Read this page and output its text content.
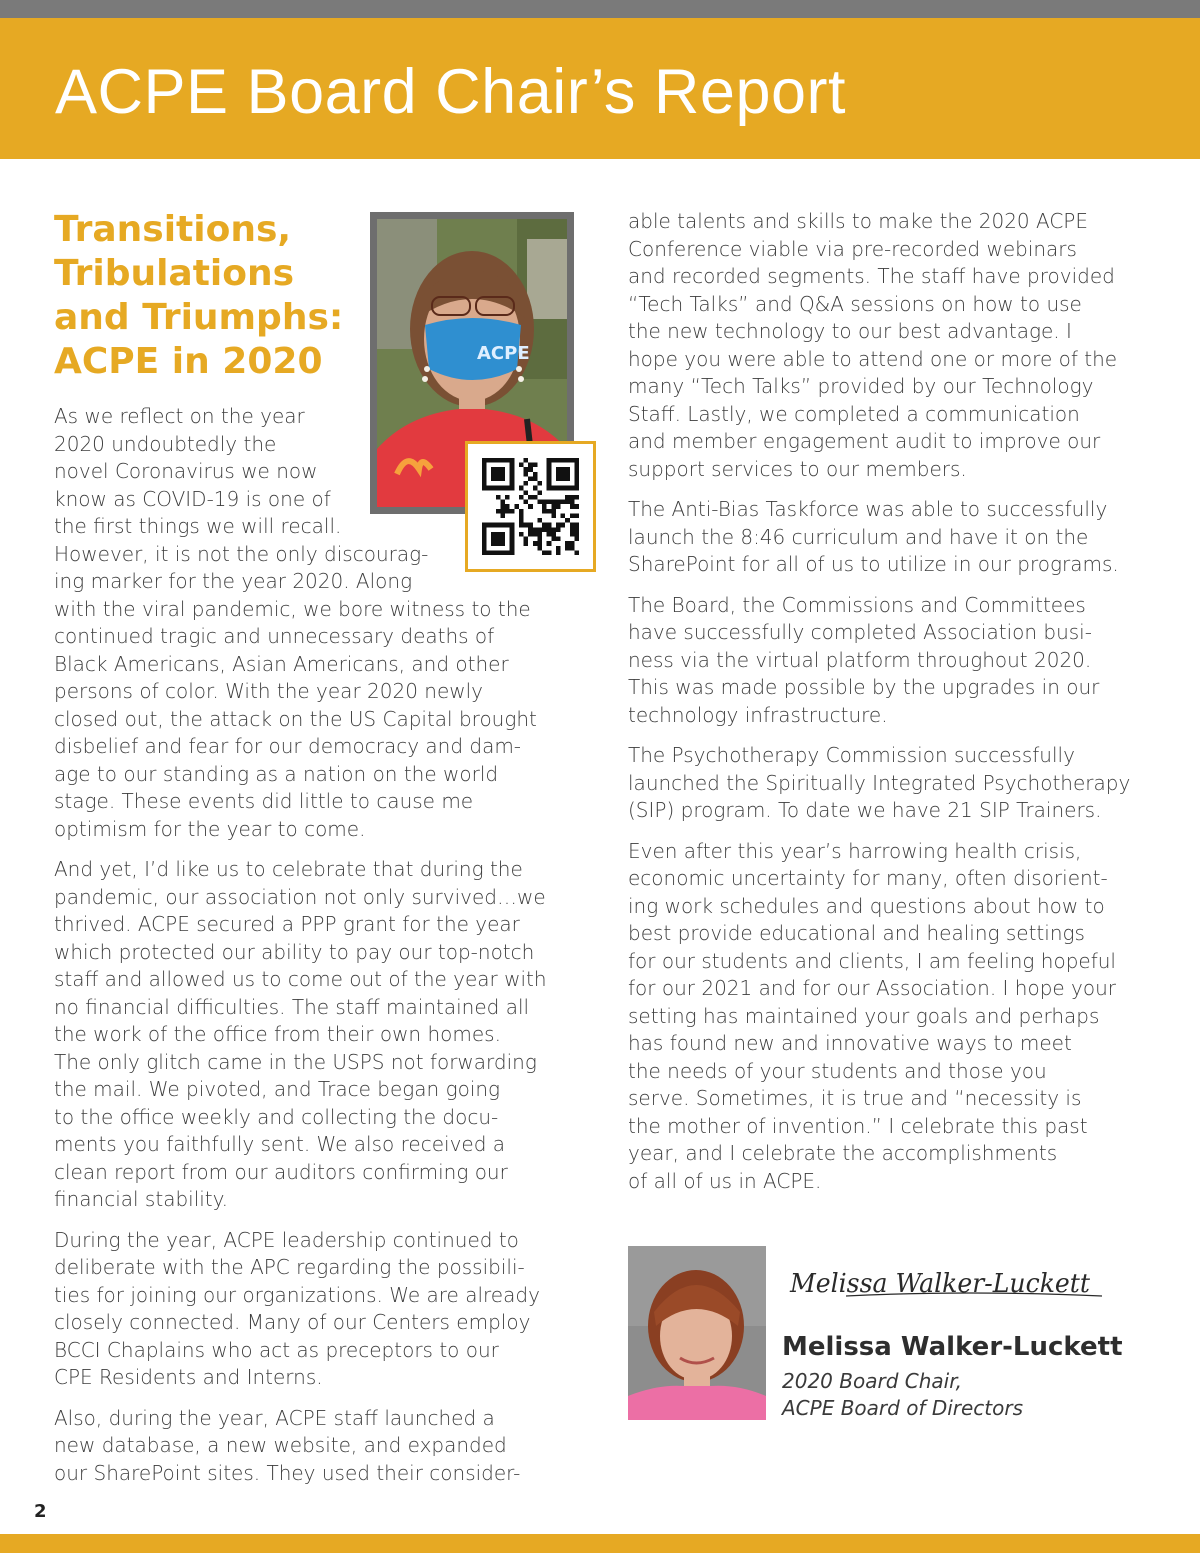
ACPE Board Chair’s Report
Transitions,
Tribulations
and Triumphs:
ACPE in 2020	ACPE

As we reflect on the year
2020 undoubtedly the
novel Coronavirus we now
know as COVID-19 is one of
the first things we will recall.
However, it is not the only discourag-
ing marker for the year 2020. Along
with the viral pandemic, we bore witness to the
continued tragic and unnecessary deaths of
Black Americans, Asian Americans, and other
persons of color. With the year 2020 newly
closed out, the attack on the US Capital brought
disbelief and fear for our democracy and dam-
age to our standing as a nation on the world
stage. These events did little to cause me
optimism for the year to come.

And yet, I’d like us to celebrate that during the
pandemic, our association not only survived…we
thrived. ACPE secured a PPP grant for the year
which protected our ability to pay our top-notch
staff and allowed us to come out of the year with
no financial difficulties. The staff maintained all
the work of the office from their own homes.
The only glitch came in the USPS not forwarding
the mail. We pivoted, and Trace began going
to the office weekly and collecting the docu-
ments you faithfully sent. We also received a
clean report from our auditors confirming our
financial stability.

During the year, ACPE leadership continued to
deliberate with the APC regarding the possibili-
ties for joining our organizations. We are already
closely connected. Many of our Centers employ
BCCI Chaplains who act as preceptors to our
CPE Residents and Interns.

Also, during the year, ACPE staff launched a
new database, a new website, and expanded
our SharePoint sites. They used their consider-

able talents and skills to make the 2020 ACPE
Conference viable via pre-recorded webinars
and recorded segments. The staff have provided
“Tech Talks” and Q&A sessions on how to use
the new technology to our best advantage. I
hope you were able to attend one or more of the
many “Tech Talks” provided by our Technology
Staff. Lastly, we completed a communication
and member engagement audit to improve our
support services to our members.

The Anti-Bias Taskforce was able to successfully
launch the 8:46 curriculum and have it on the
SharePoint for all of us to utilize in our programs.

The Board, the Commissions and Committees
have successfully completed Association busi-
ness via the virtual platform throughout 2020.
This was made possible by the upgrades in our
technology infrastructure.

The Psychotherapy Commission successfully
launched the Spiritually Integrated Psychotherapy
(SIP) program. To date we have 21 SIP Trainers.

Even after this year’s harrowing health crisis,
economic uncertainty for many, often disorient-
ing work schedules and questions about how to
best provide educational and healing settings
for our students and clients, I am feeling hopeful
for our 2021 and for our Association. I hope your
setting has maintained your goals and perhaps
has found new and innovative ways to meet
the needs of your students and those you
serve. Sometimes, it is true and “necessity is
the mother of invention.” I celebrate this past
year, and I celebrate the accomplishments
of all of us in ACPE.

Melissa Walker-Luckett
Melissa Walker-Luckett
2020 Board Chair,
ACPE Board of Directors
2
